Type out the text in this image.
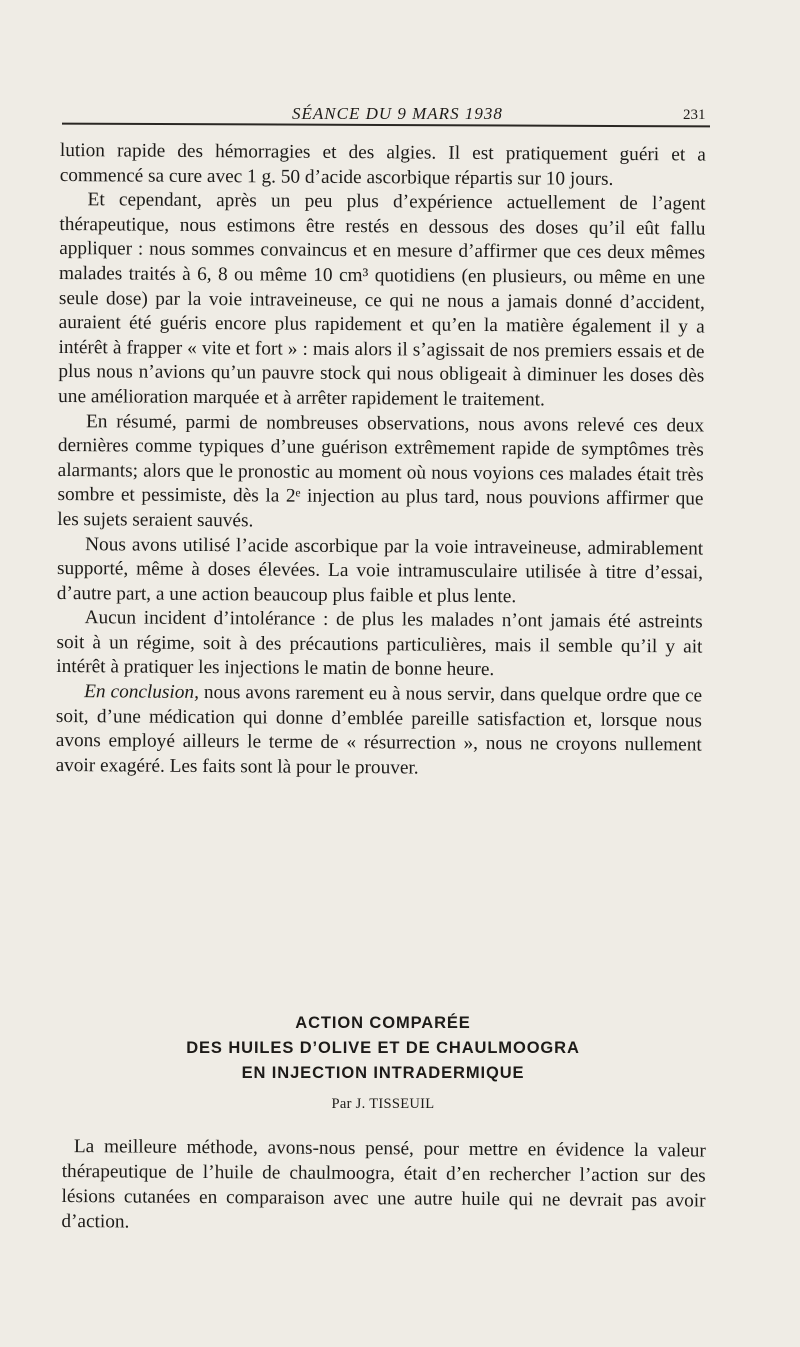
SÉANCE DU 9 MARS 1938	231

lution rapide des hémorragies et des algies. Il est pratiquement guéri et a commencé sa cure avec 1 g. 50 d’acide ascorbique répartis sur 10 jours.

Et cependant, après un peu plus d’expérience actuellement de l’agent thérapeutique, nous estimons être restés en dessous des doses qu’il eût fallu appliquer : nous sommes convaincus et en mesure d’affirmer que ces deux mêmes malades traités à 6, 8 ou même 10 cm³ quotidiens (en plusieurs, ou même en une seule dose) par la voie intraveineuse, ce qui ne nous a jamais donné d’accident, auraient été guéris encore plus rapidement et qu’en la matière également il y a intérêt à frapper « vite et fort » : mais alors il s’agissait de nos premiers essais et de plus nous n’avions qu’un pauvre stock qui nous obligeait à diminuer les doses dès une amélioration marquée et à arrêter rapidement le traitement.

En résumé, parmi de nombreuses observations, nous avons relevé ces deux dernières comme typiques d’une guérison extrêmement rapide de symptômes très alarmants; alors que le pronostic au moment où nous voyions ces malades était très sombre et pessimiste, dès la 2ᵉ injection au plus tard, nous pouvions affirmer que les sujets seraient sauvés.

Nous avons utilisé l’acide ascorbique par la voie intraveineuse, admirablement supporté, même à doses élevées. La voie intramusculaire utilisée à titre d’essai, d’autre part, a une action beaucoup plus faible et plus lente.

Aucun incident d’intolérance : de plus les malades n’ont jamais été astreints soit à un régime, soit à des précautions particulières, mais il semble qu’il y ait intérêt à pratiquer les injections le matin de bonne heure.

En conclusion, nous avons rarement eu à nous servir, dans quelque ordre que ce soit, d’une médication qui donne d’emblée pareille satisfaction et, lorsque nous avons employé ailleurs le terme de « résurrection », nous ne croyons nullement avoir exagéré. Les faits sont là pour le prouver.

ACTION COMPARÉE
DES HUILES D’OLIVE ET DE CHAULMOOGRA
EN INJECTION INTRADERMIQUE
Par J. TISSEUIL

La meilleure méthode, avons-nous pensé, pour mettre en évidence la valeur thérapeutique de l’huile de chaulmoogra, était d’en rechercher l’action sur des lésions cutanées en comparaison avec une autre huile qui ne devrait pas avoir d’action.
